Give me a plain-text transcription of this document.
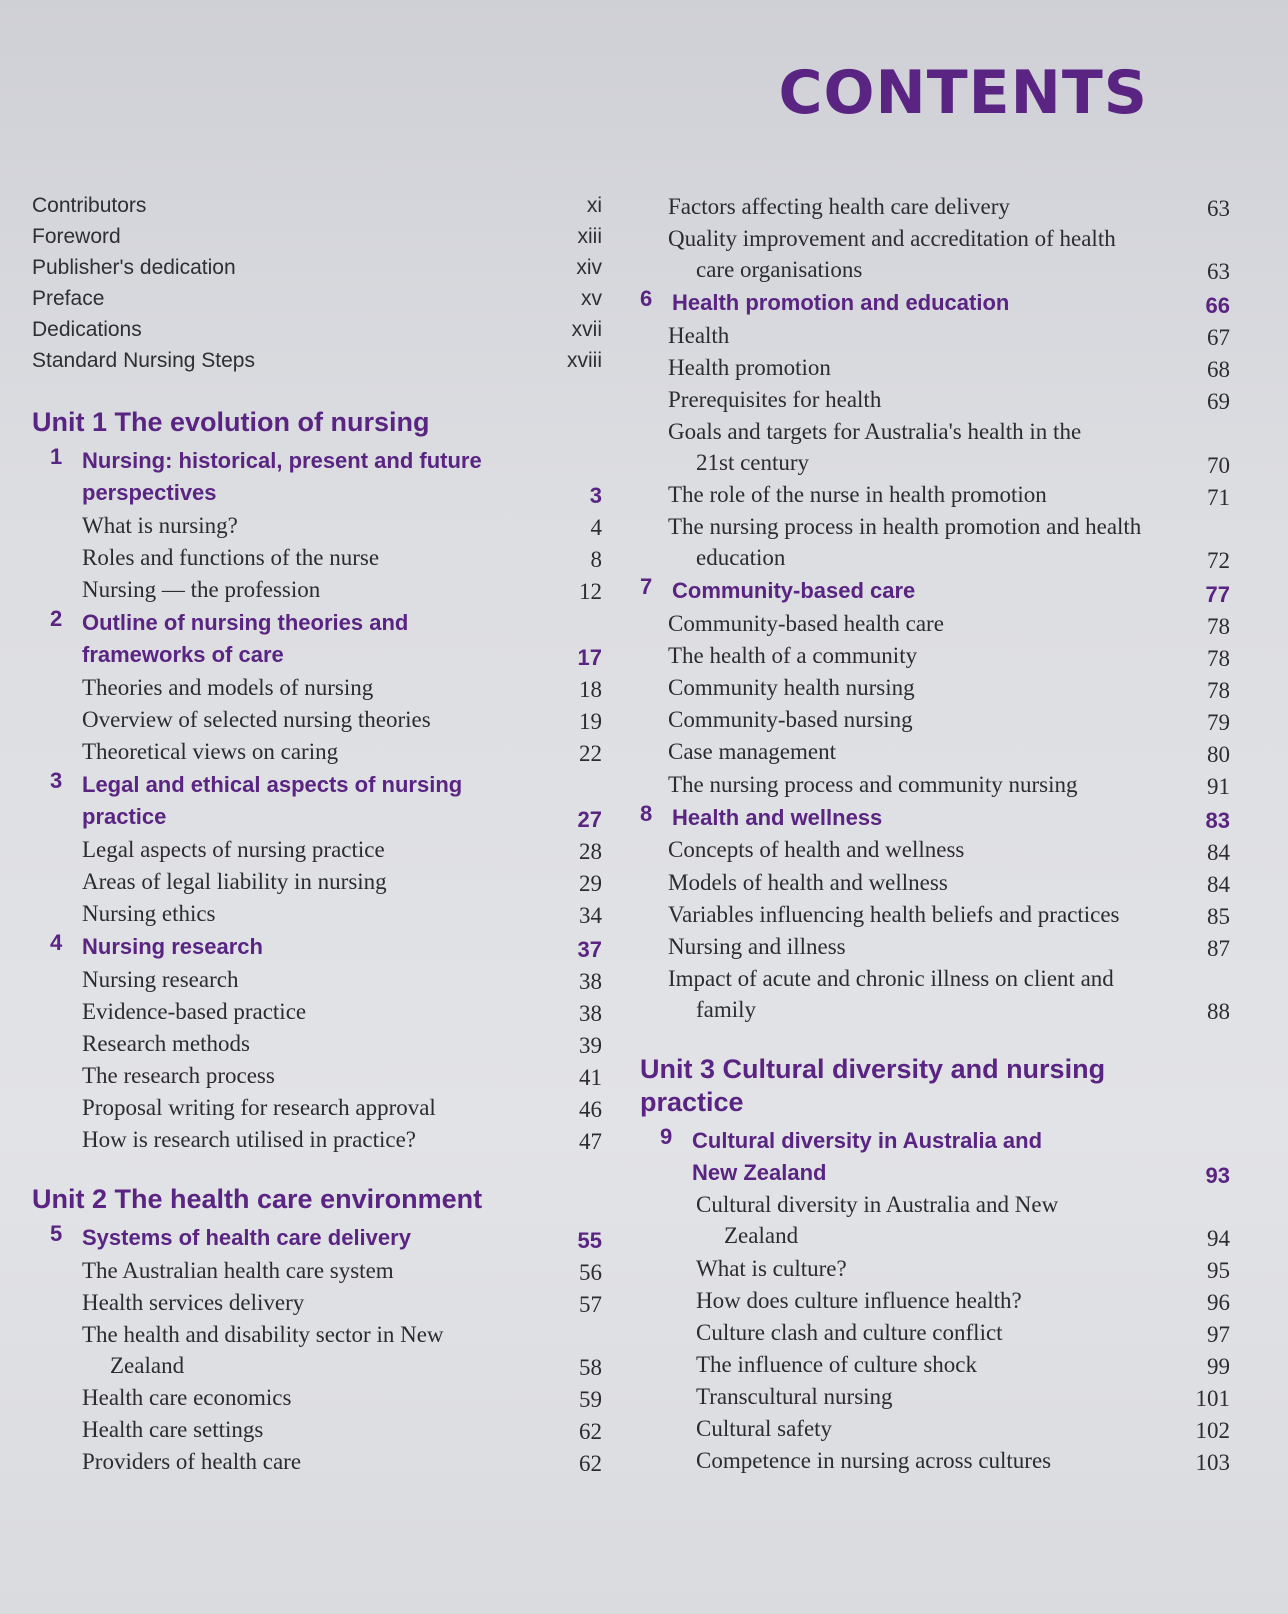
CONTENTS
Contributors	xi
Foreword	xiii
Publisher's dedication	xiv
Preface	xv
Dedications	xvii
Standard Nursing Steps	xviii
Unit 1 The evolution of nursing
1 Nursing: historical, present and future perspectives	3
What is nursing?	4
Roles and functions of the nurse	8
Nursing — the profession	12
2 Outline of nursing theories and frameworks of care	17
Theories and models of nursing	18
Overview of selected nursing theories	19
Theoretical views on caring	22
3 Legal and ethical aspects of nursing practice	27
Legal aspects of nursing practice	28
Areas of legal liability in nursing	29
Nursing ethics	34
4 Nursing research	37
Nursing research	38
Evidence-based practice	38
Research methods	39
The research process	41
Proposal writing for research approval	46
How is research utilised in practice?	47
Unit 2 The health care environment
5 Systems of health care delivery	55
The Australian health care system	56
Health services delivery	57
The health and disability sector in New Zealand	58
Health care economics	59
Health care settings	62
Providers of health care	62
Factors affecting health care delivery	63
Quality improvement and accreditation of health care organisations	63
6 Health promotion and education	66
Health	67
Health promotion	68
Prerequisites for health	69
Goals and targets for Australia's health in the 21st century	70
The role of the nurse in health promotion	71
The nursing process in health promotion and health education	72
7 Community-based care	77
Community-based health care	78
The health of a community	78
Community health nursing	78
Community-based nursing	79
Case management	80
The nursing process and community nursing	91
8 Health and wellness	83
Concepts of health and wellness	84
Models of health and wellness	84
Variables influencing health beliefs and practices	85
Nursing and illness	87
Impact of acute and chronic illness on client and family	88
Unit 3 Cultural diversity and nursing practice
9 Cultural diversity in Australia and New Zealand	93
Cultural diversity in Australia and New Zealand	94
What is culture?	95
How does culture influence health?	96
Culture clash and culture conflict	97
The influence of culture shock	99
Transcultural nursing	101
Cultural safety	102
Competence in nursing across cultures	103
